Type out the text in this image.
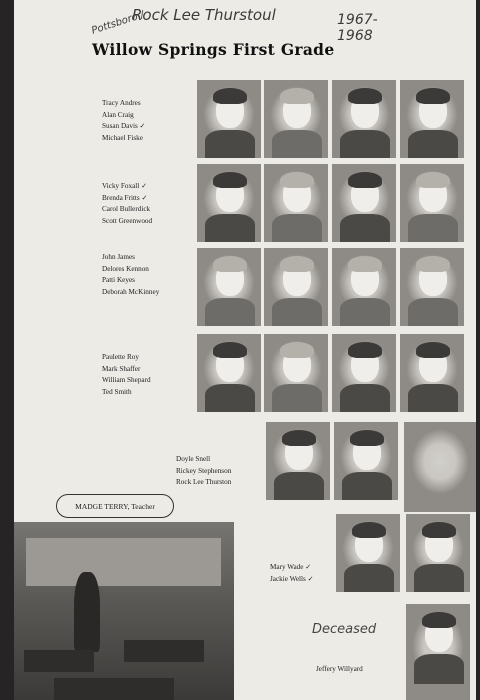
Rock Lee Thurstoul	1967-1968
Pottsboro /
Willow Springs First Grade
Tracy Andres
Alan Craig
Susan Davis ✓
Michael Fiske
Vicky Foxall ✓
Brenda Fritts ✓
Carol Bullerdick
Scott Greenwood
John James
Delores Kennon
Patti Keyes
Deborah McKinney
Paulette Roy
Mark Shaffer
William Shepard
Ted Smith
Doyle Snell
Rickey Stephenson
Rock Lee Thurston
Mary Wade ✓
Jackie Wells ✓
Jeffery Willyard
MADGE TERRY, Teacher
Deceased
